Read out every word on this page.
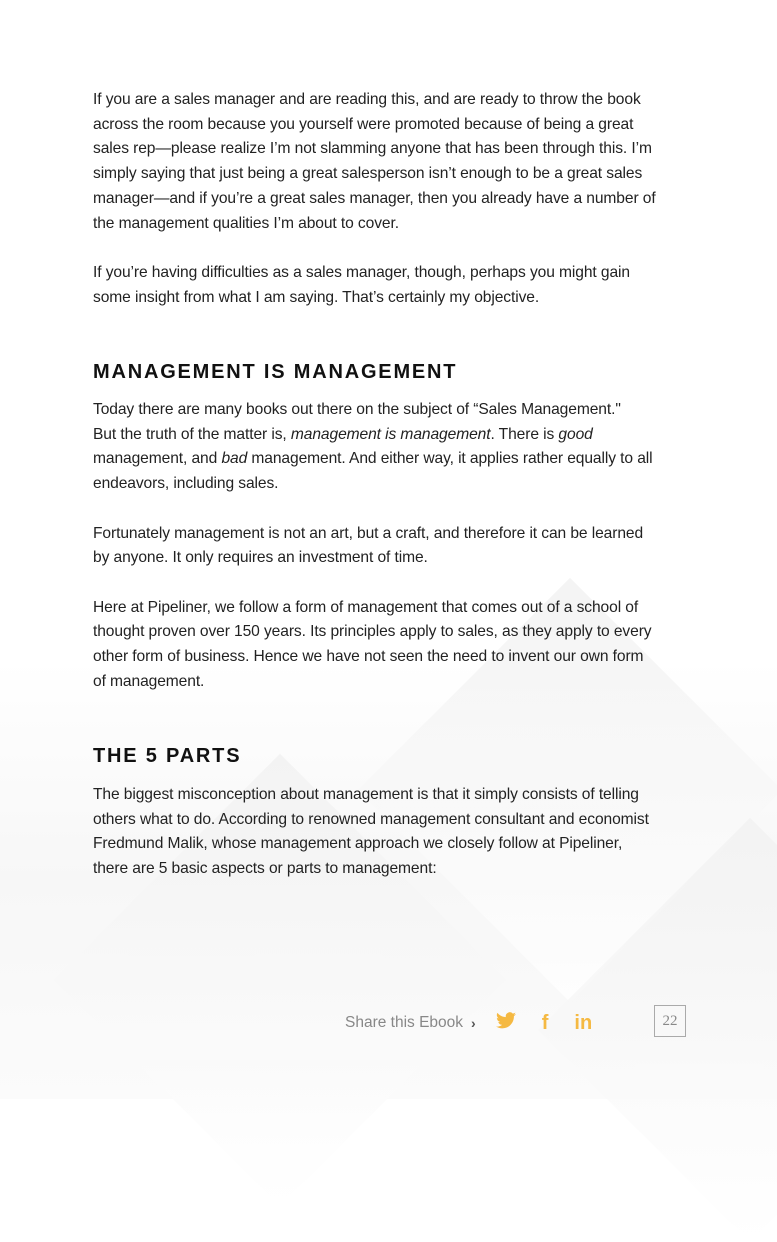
If you are a sales manager and are reading this, and are ready to throw the book
across the room because you yourself were promoted because of being a great
sales rep—please realize I’m not slamming anyone that has been through this. I’m
simply saying that just being a great salesperson isn’t enough to be a great sales
manager—and if you’re a great sales manager, then you already have a number of
the management qualities I’m about to cover.

If you’re having difficulties as a sales manager, though, perhaps you might gain
some insight from what I am saying. That’s certainly my objective.

MANAGEMENT IS MANAGEMENT

Today there are many books out there on the subject of “Sales Management."
But the truth of the matter is, management is management. There is good
management, and bad management. And either way, it applies rather equally to all
endeavors, including sales.

Fortunately management is not an art, but a craft, and therefore it can be learned
by anyone. It only requires an investment of time.

Here at Pipeliner, we follow a form of management that comes out of a school of
thought proven over 150 years. Its principles apply to sales, as they apply to every
other form of business. Hence we have not seen the need to invent our own form
of management.

THE 5 PARTS

The biggest misconception about management is that it simply consists of telling
others what to do. According to renowned management consultant and economist
Fredmund Malik, whose management approach we closely follow at Pipeliner,
there are 5 basic aspects or parts to management:

Share this Ebook ›	f in	22
